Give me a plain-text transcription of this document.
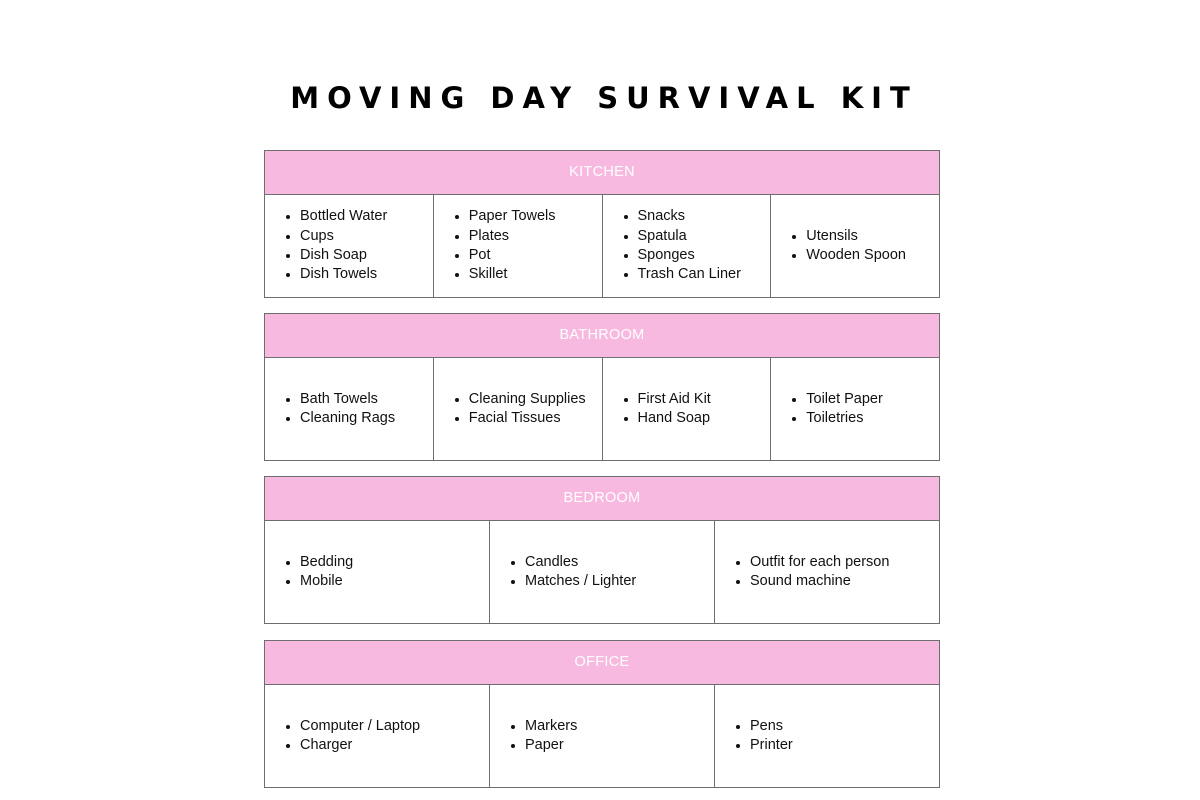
MOVING DAY SURVIVAL KIT
KITCHEN
Bottled Water
Cups
Dish Soap
Dish Towels
Paper Towels
Plates
Pot
Skillet
Snacks
Spatula
Sponges
Trash Can Liner
Utensils
Wooden Spoon
BATHROOM
Bath Towels
Cleaning Rags
Cleaning Supplies
Facial Tissues
First Aid Kit
Hand Soap
Toilet Paper
Toiletries
BEDROOM
Bedding
Mobile
Candles
Matches / Lighter
Outfit for each person
Sound machine
OFFICE
Computer / Laptop
Charger
Markers
Paper
Pens
Printer
